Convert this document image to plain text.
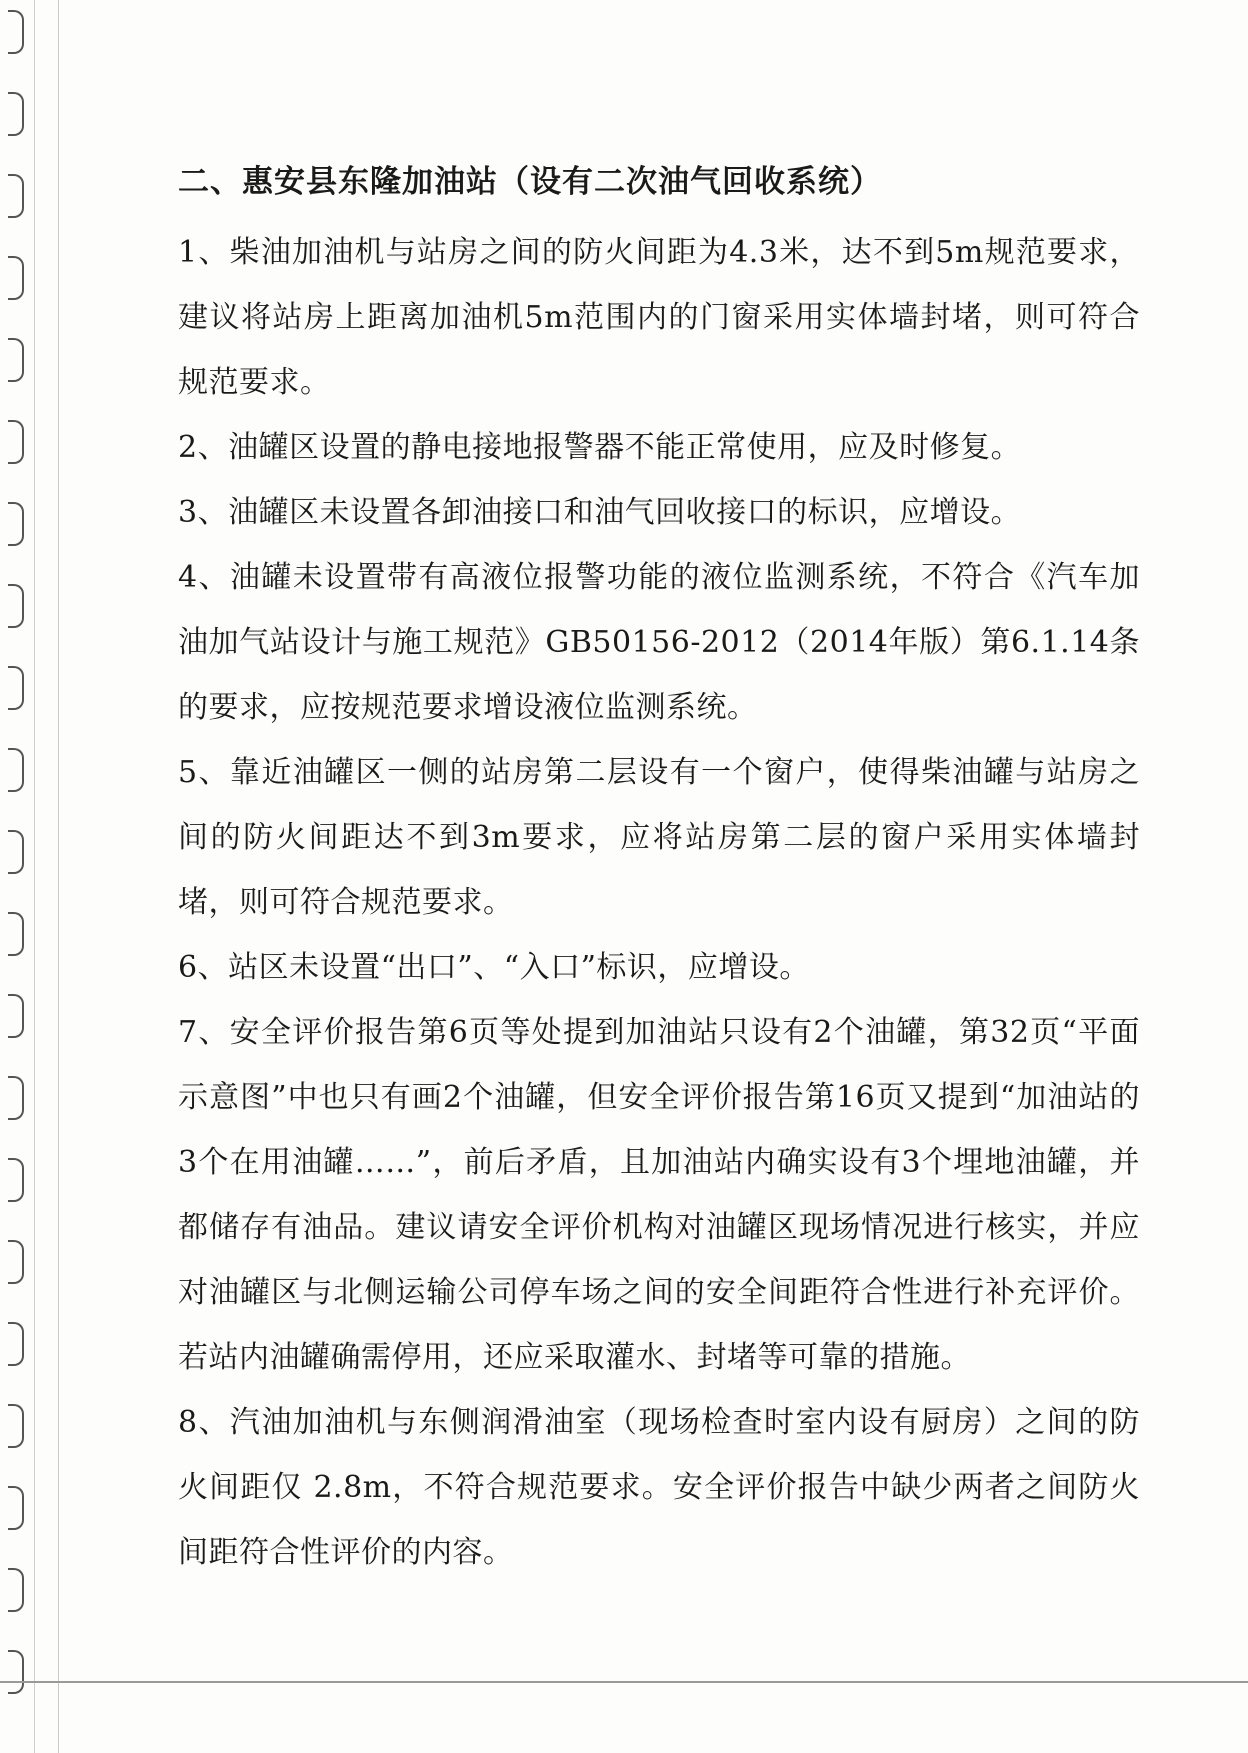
二、惠安县东隆加油站（设有二次油气回收系统）

1、柴油加油机与站房之间的防火间距为4.3米，达不到5m规范要求，建议将站房上距离加油机5m范围内的门窗采用实体墙封堵，则可符合规范要求。

2、油罐区设置的静电接地报警器不能正常使用，应及时修复。

3、油罐区未设置各卸油接口和油气回收接口的标识，应增设。

4、油罐未设置带有高液位报警功能的液位监测系统，不符合《汽车加油加气站设计与施工规范》GB50156-2012（2014年版）第6.1.14条的要求，应按规范要求增设液位监测系统。

5、靠近油罐区一侧的站房第二层设有一个窗户，使得柴油罐与站房之间的防火间距达不到3m要求，应将站房第二层的窗户采用实体墙封堵，则可符合规范要求。

6、站区未设置“出口”、“入口”标识，应增设。

7、安全评价报告第6页等处提到加油站只设有2个油罐，第32页“平面示意图”中也只有画2个油罐，但安全评价报告第16页又提到“加油站的3个在用油罐……”，前后矛盾，且加油站内确实设有3个埋地油罐，并都储存有油品。建议请安全评价机构对油罐区现场情况进行核实，并应对油罐区与北侧运输公司停车场之间的安全间距符合性进行补充评价。若站内油罐确需停用，还应采取灌水、封堵等可靠的措施。

8、汽油加油机与东侧润滑油室（现场检查时室内设有厨房）之间的防火间距仅 2.8m，不符合规范要求。安全评价报告中缺少两者之间防火间距符合性评价的内容。
